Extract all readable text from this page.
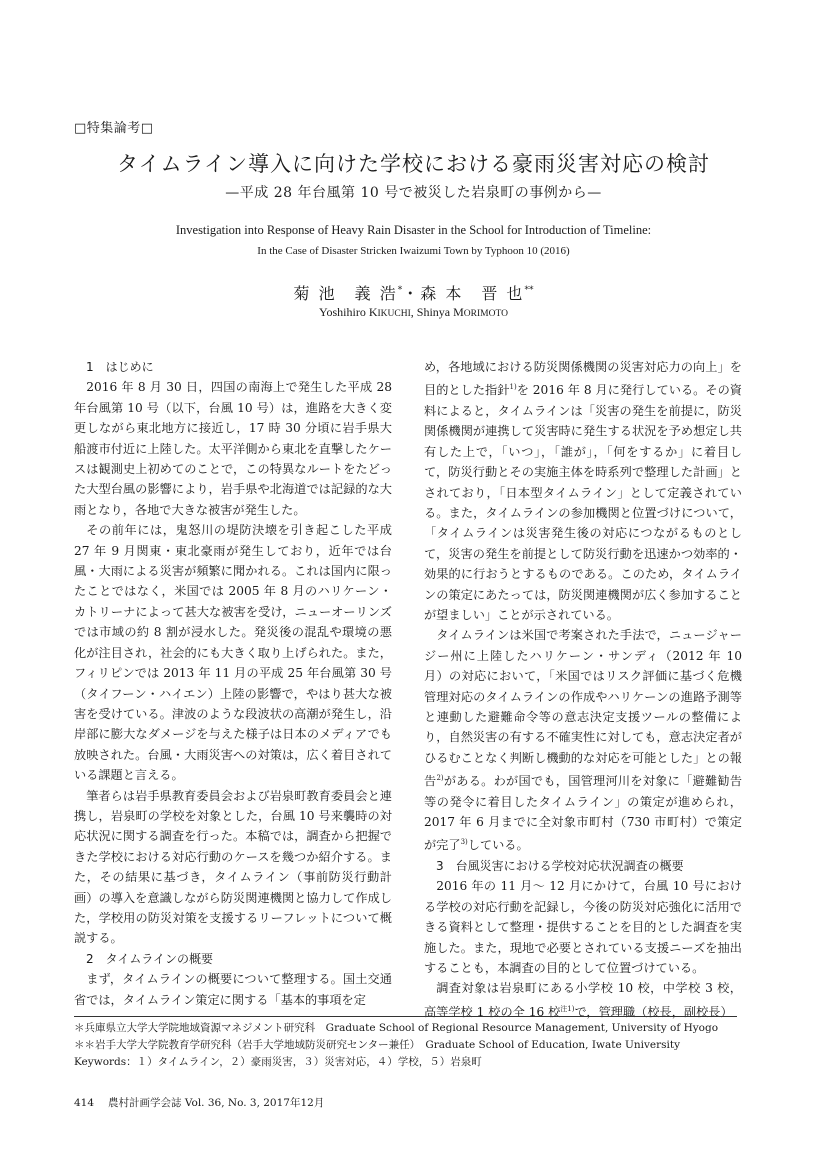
□特集論考□
タイムライン導入に向けた学校における豪雨災害対応の検討
—平成 28 年台風第 10 号で被災した岩泉町の事例から—
Investigation into Response of Heavy Rain Disaster in the School for Introduction of Timeline:
In the Case of Disaster Stricken Iwaizumi Town by Typhoon 10 (2016)
菊 池　義 浩*・森 本　晋 也**
Yoshihiro KIKUCHI, Shinya MORIMOTO
1　はじめに

2016 年 8 月 30 日，四国の南海上で発生した平成 28 年台風第 10 号（以下，台風 10 号）は，進路を大きく変更しながら東北地方に接近し，17 時 30 分頃に岩手県大船渡市付近に上陸した。太平洋側から東北を直撃したケースは観測史上初めてのことで，この特異なルートをたどった大型台風の影響により，岩手県や北海道では記録的な大雨となり，各地で大きな被害が発生した。

その前年には，鬼怒川の堤防決壊を引き起こした平成 27 年 9 月関東・東北豪雨が発生しており，近年では台風・大雨による災害が頻繁に聞かれる。これは国内に限ったことではなく，米国では 2005 年 8 月のハリケーン・カトリーナによって甚大な被害を受け，ニューオーリンズでは市域の約 8 割が浸水した。発災後の混乱や環境の悪化が注目され，社会的にも大きく取り上げられた。また，フィリピンでは 2013 年 11 月の平成 25 年台風第 30 号（タイフーン・ハイエン）上陸の影響で，やはり甚大な被害を受けている。津波のような段波状の高潮が発生し，沿岸部に膨大なダメージを与えた様子は日本のメディアでも放映された。台風・大雨災害への対策は，広く着目されている課題と言える。

筆者らは岩手県教育委員会および岩泉町教育委員会と連携し，岩泉町の学校を対象とした，台風 10 号来襲時の対応状況に関する調査を行った。本稿では，調査から把握できた学校における対応行動のケースを幾つか紹介する。また，その結果に基づき，タイムライン（事前防災行動計画）の導入を意識しながら防災関連機関と協力して作成した，学校用の防災対策を支援するリーフレットについて概説する。

2　タイムラインの概要

まず，タイムラインの概要について整理する。国土交通省では，タイムライン策定に関する「基本的事項を定

め，各地域における防災関係機関の災害対応力の向上」を目的とした指針$^{1)}$を 2016 年 8 月に発行している。その資料によると，タイムラインは「災害の発生を前提に，防災関係機関が連携して災害時に発生する状況を予め想定し共有した上で，「いつ」，「誰が」，「何をするか」に着目して，防災行動とその実施主体を時系列で整理した計画」とされており，「日本型タイムライン」として定義されている。また，タイムラインの参加機関と位置づけについて，「タイムラインは災害発生後の対応につながるものとして，災害の発生を前提として防災行動を迅速かつ効率的・効果的に行おうとするものである。このため，タイムラインの策定にあたっては，防災関連機関が広く参加することが望ましい」ことが示されている。

タイムラインは米国で考案された手法で，ニュージャージー州に上陸したハリケーン・サンディ（2012 年 10 月）の対応において，「米国ではリスク評価に基づく危機管理対応のタイムラインの作成やハリケーンの進路予測等と連動した避難命令等の意志決定支援ツールの整備により，自然災害の有する不確実性に対しても，意志決定者がひるむことなく判断し機動的な対応を可能とした」との報告$^{2)}$がある。わが国でも，国管理河川を対象に「避難勧告等の発令に着目したタイムライン」の策定が進められ，2017 年 6 月までに全対象市町村（730 市町村）で策定が完了$^{3)}$している。

3　台風災害における学校対応状況調査の概要

2016 年の 11 月～ 12 月にかけて，台風 10 号における学校の対応行動を記録し，今後の防災対応強化に活用できる資料として整理・提供することを目的とした調査を実施した。また，現地で必要とされている支援ニーズを抽出することも，本調査の目的として位置づけている。

調査対象は岩泉町にある小学校 10 校，中学校 3 校，高等学校 1 校の全 16 校$^{注1)}$で，管理職（校長，副校長）

＊兵庫県立大学大学院地域資源マネジメント研究科　Graduate School of Regional Resource Management, University of Hyogo
＊＊岩手大学大学院教育学研究科（岩手大学地域防災研究センター兼任）　Graduate School of Education, Iwate University
Keywords：１）タイムライン，２）豪雨災害，３）災害対応，４）学校，５）岩泉町
414 農村計画学会誌 Vol. 36, No. 3, 2017年12月
